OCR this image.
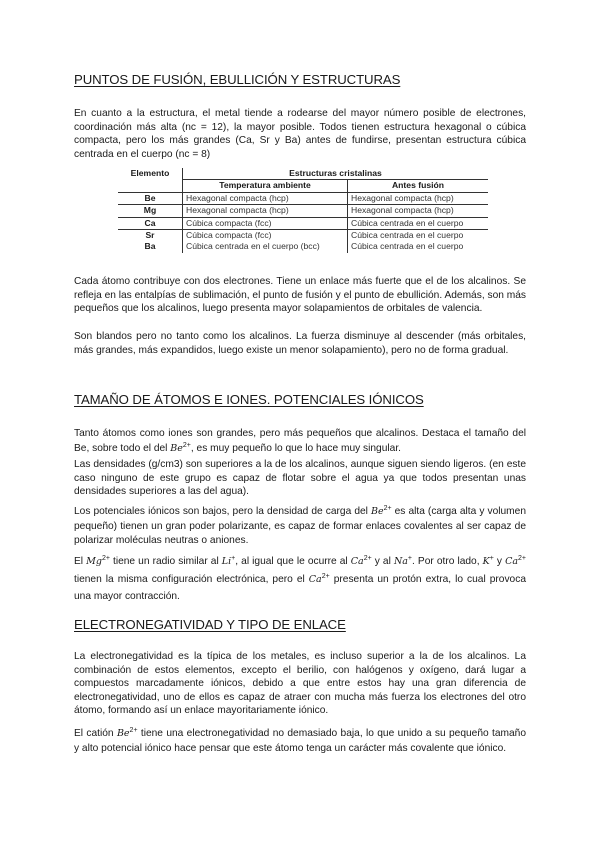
PUNTOS DE FUSIÓN, EBULLICIÓN Y ESTRUCTURAS
En cuanto a la estructura, el metal tiende a rodearse del mayor número posible de electrones, coordinación más alta (nc = 12), la mayor posible. Todos tienen estructura hexagonal o cúbica compacta, pero los más grandes (Ca, Sr y Ba) antes de fundirse, presentan estructura cúbica centrada en el cuerpo (nc = 8)
Elemento	Estructuras cristalinas	
	Temperatura ambiente	Antes fusión
Be	Hexagonal compacta (hcp)	Hexagonal compacta (hcp)
Mg	Hexagonal compacta (hcp)	Hexagonal compacta (hcp)
Ca	Cúbica compacta (fcc)	Cúbica centrada en el cuerpo
Sr	Cúbica compacta (fcc)	Cúbica centrada en el cuerpo
Ba	Cúbica centrada en el cuerpo (bcc)	Cúbica centrada en el cuerpo
Cada átomo contribuye con dos electrones. Tiene un enlace más fuerte que el de los alcalinos. Se refleja en las entalpías de sublimación, el punto de fusión y el punto de ebullición. Además, son más pequeños que los alcalinos, luego presenta mayor solapamientos de orbitales de valencia.
Son blandos pero no tanto como los alcalinos. La fuerza disminuye al descender (más orbitales, más grandes, más expandidos, luego existe un menor solapamiento), pero no de forma gradual.
TAMAÑO DE ÁTOMOS E IONES. POTENCIALES IÓNICOS
Tanto átomos como iones son grandes, pero más pequeños que alcalinos. Destaca el tamaño del Be, sobre todo el del $Be^{2+}$, es muy pequeño lo que lo hace muy singular.
Las densidades (g/cm3) son superiores a la de los alcalinos, aunque siguen siendo ligeros. (en este caso ninguno de este grupo es capaz de flotar sobre el agua ya que todos presentan unas densidades superiores a las del agua).
Los potenciales iónicos son bajos, pero la densidad de carga del $Be^{2+}$ es alta (carga alta y volumen pequeño) tienen un gran poder polarizante, es capaz de formar enlaces covalentes al ser capaz de polarizar moléculas neutras o aniones.
El $Mg^{2+}$ tiene un radio similar al Li+, al igual que le ocurre al $Ca^{2+}$ y al Na+. Por otro lado, K+ y $Ca^{2+}$ tienen la misma configuración electrónica, pero el $Ca^{2+}$ presenta un protón extra, lo cual provoca una mayor contracción.
ELECTRONEGATIVIDAD Y TIPO DE ENLACE
La electronegatividad es la típica de los metales, es incluso superior a la de los alcalinos. La combinación de estos elementos, excepto el berilio, con halógenos y oxígeno, dará lugar a compuestos marcadamente iónicos, debido a que entre estos hay una gran diferencia de electronegatividad, uno de ellos es capaz de atraer con mucha más fuerza los electrones del otro átomo, formando así un enlace mayoritariamente iónico.
El catión $Be^{2+}$ tiene una electronegatividad no demasiado baja, lo que unido a su pequeño tamaño y alto potencial iónico hace pensar que este átomo tenga un carácter más covalente que iónico.
